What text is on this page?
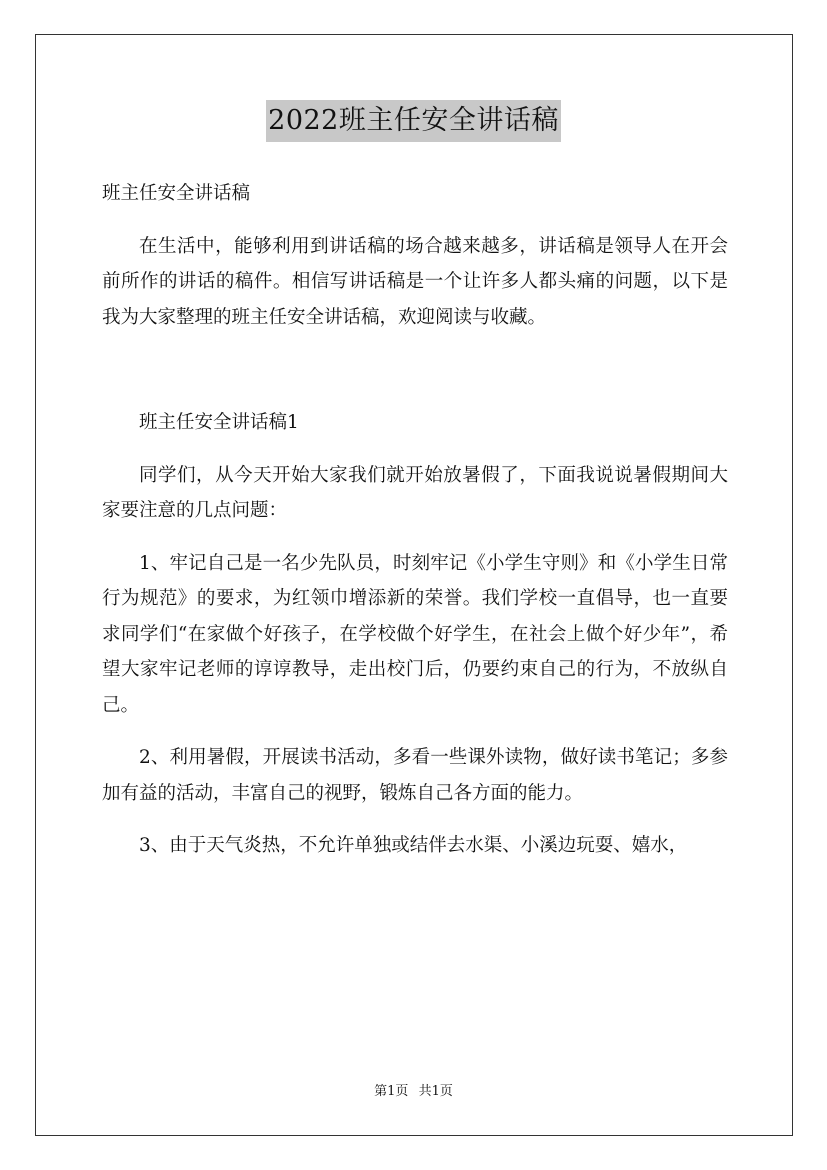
2022班主任安全讲话稿

班主任安全讲话稿

在生活中，能够利用到讲话稿的场合越来越多，讲话稿是领导人在开会前所作的讲话的稿件。相信写讲话稿是一个让许多人都头痛的问题，以下是我为大家整理的班主任安全讲话稿，欢迎阅读与收藏。

班主任安全讲话稿1

同学们，从今天开始大家我们就开始放暑假了，下面我说说暑假期间大家要注意的几点问题：

1、牢记自己是一名少先队员，时刻牢记《小学生守则》和《小学生日常行为规范》的要求，为红领巾增添新的荣誉。我们学校一直倡导，也一直要求同学们“在家做个好孩子，在学校做个好学生，在社会上做个好少年”，希望大家牢记老师的谆谆教导，走出校门后，仍要约束自己的行为，不放纵自己。

2、利用暑假，开展读书活动，多看一些课外读物，做好读书笔记；多参加有益的活动，丰富自己的视野，锻炼自己各方面的能力。

3、由于天气炎热，不允许单独或结伴去水渠、小溪边玩耍、嬉水，

第1页 共1页
